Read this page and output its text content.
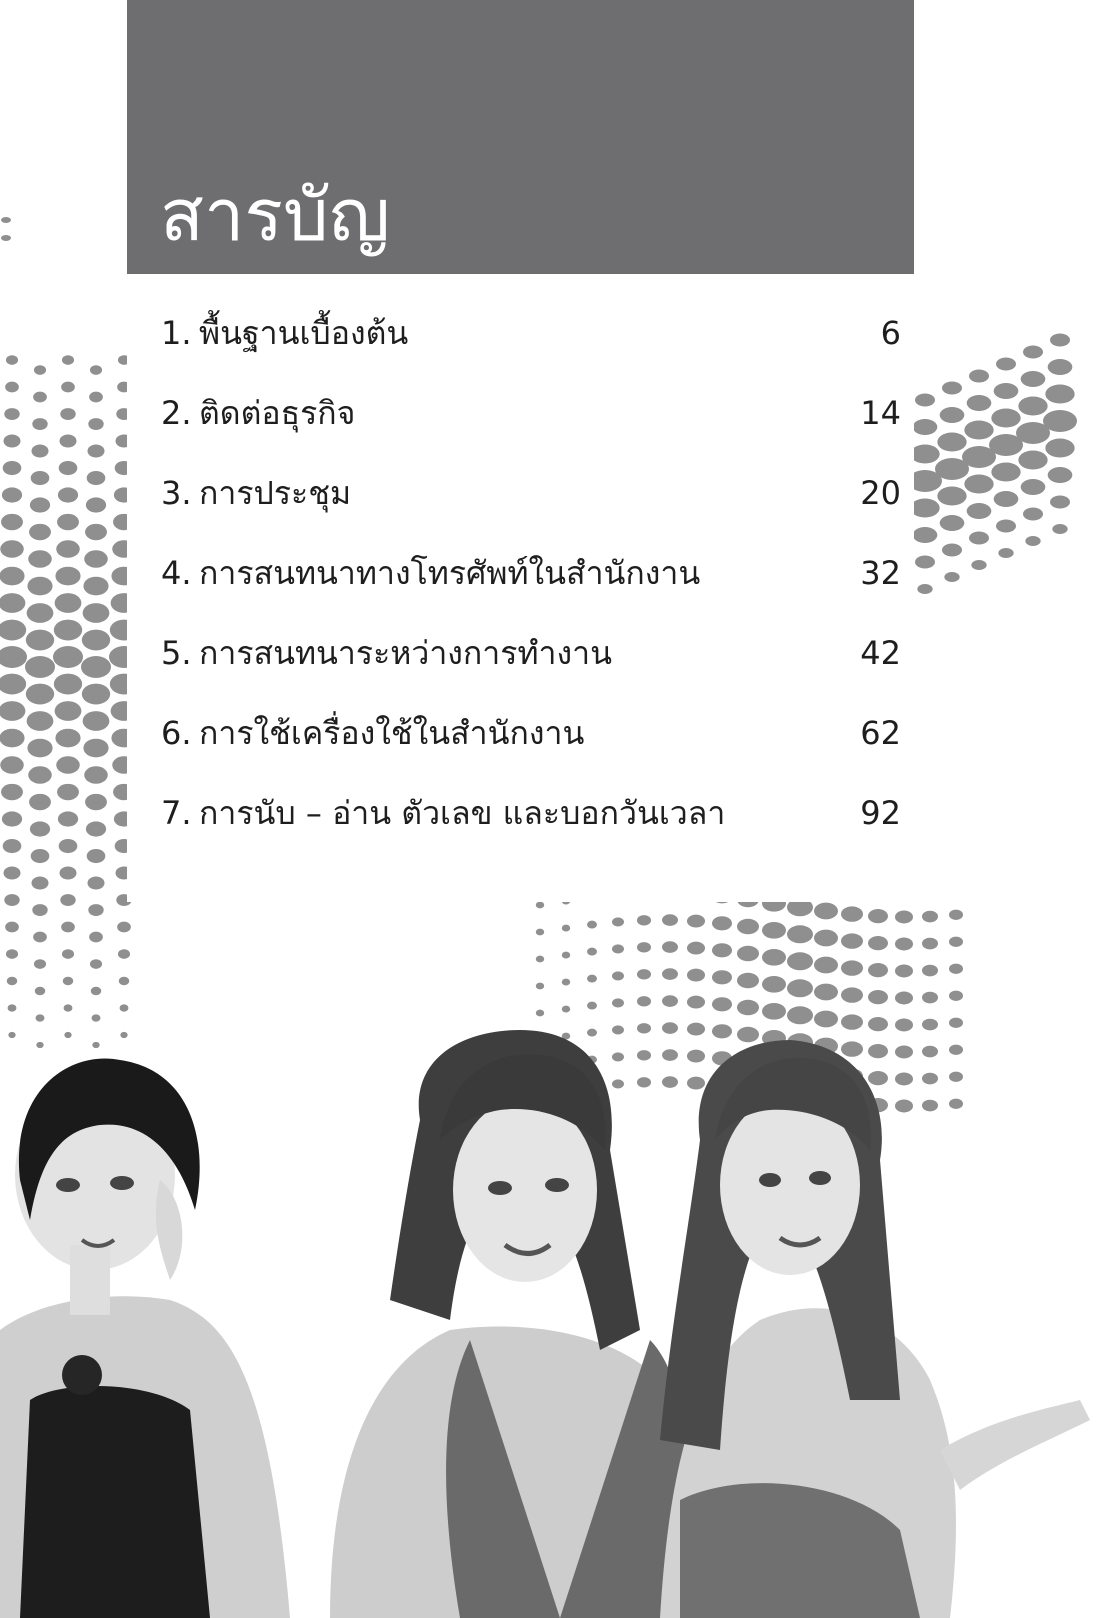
สารบัญ
1. พื้นฐานเบื้องต้น	6
2. ติดต่อธุรกิจ	14
3. การประชุม	20
4. การสนทนาทางโทรศัพท์ในสำนักงาน	32
5. การสนทนาระหว่างการทำงาน	42
6. การใช้เครื่องใช้ในสำนักงาน	62
7. การนับ – อ่าน ตัวเลข และบอกวันเวลา	92
